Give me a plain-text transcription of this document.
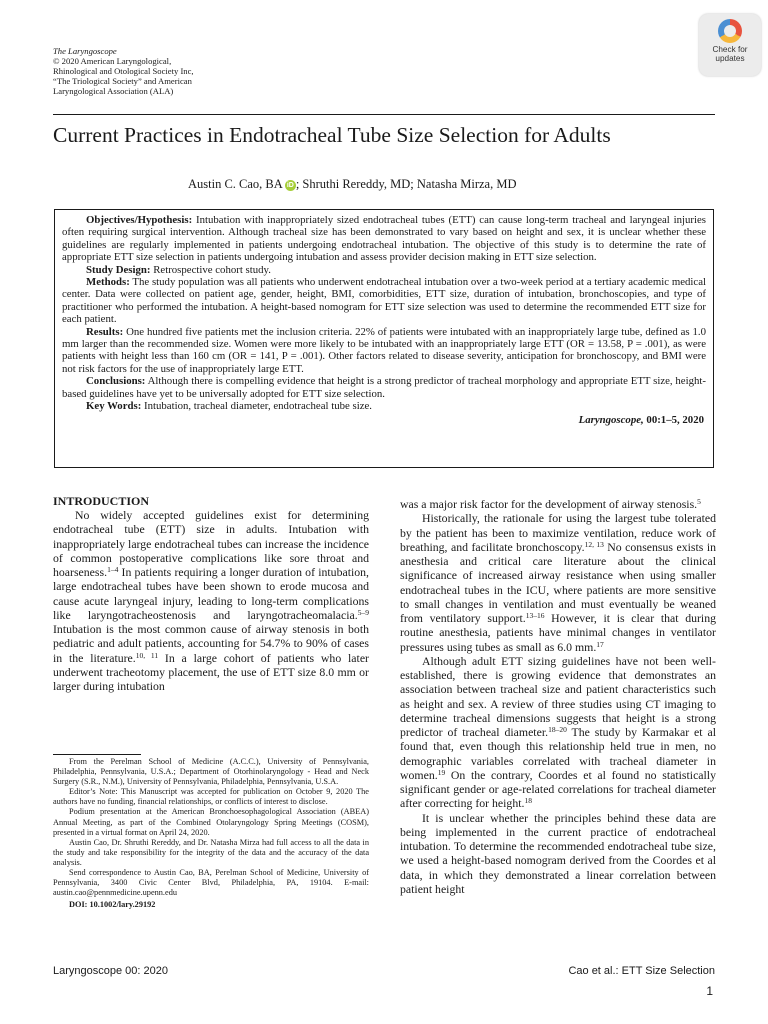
The Laryngoscope
© 2020 American Laryngological,
Rhinological and Otological Society Inc,
“The Triological Society” and American
Laryngological Association (ALA)
Check for
updates
Current Practices in Endotracheal Tube Size Selection for Adults
Austin C. Cao, BA iD ; Shruthi Rereddy, MD; Natasha Mirza, MD

Objectives/Hypothesis: Intubation with inappropriately sized endotracheal tubes (ETT) can cause long-term tracheal and laryngeal injuries often requiring surgical intervention. Although tracheal size has been demonstrated to vary based on height and sex, it is unclear whether these guidelines are regularly implemented in patients undergoing endotracheal intubation. The objective of this study is to determine the rate of appropriate ETT size selection in patients undergoing intubation and assess provider decision making in ETT size selection.

Study Design: Retrospective cohort study.

Methods: The study population was all patients who underwent endotracheal intubation over a two-week period at a tertiary academic medical center. Data were collected on patient age, gender, height, BMI, comorbidities, ETT size, duration of intubation, bronchoscopies, and type of practitioner who performed the intubation. A height-based nomogram for ETT size selection was used to determine the recommended ETT size for each patient.

Results: One hundred five patients met the inclusion criteria. 22% of patients were intubated with an inappropriately large tube, defined as 1.0 mm larger than the recommended size. Women were more likely to be intubated with an inappropriately large ETT (OR = 13.58, P = .001), as were patients with height less than 160 cm (OR = 141, P = .001). Other factors related to disease severity, anticipation for bronchoscopy, and BMI were not risk factors for the use of inappropriately large ETT.

Conclusions: Although there is compelling evidence that height is a strong predictor of tracheal morphology and appropriate ETT size, height-based guidelines have yet to be universally adopted for ETT size selection.

Key Words: Intubation, tracheal diameter, endotracheal tube size.

Laryngoscope, 00:1–5, 2020
INTRODUCTION

No widely accepted guidelines exist for determining endotracheal tube (ETT) size in adults. Intubation with inappropriately large endotracheal tubes can increase the incidence of common postoperative complications like sore throat and hoarseness.$^{1-4}$ In patients requiring a longer duration of intubation, large endotracheal tubes have been shown to erode mucosa and cause acute laryngeal injury, leading to long-term complications like laryngotracheostenosis and laryngotracheomalacia.$^{5-9}$ Intubation is the most common cause of airway stenosis in both pediatric and adult patients, accounting for 54.7% to 90% of cases in the literature.$^{10, 11}$ In a large cohort of patients who later underwent tracheotomy placement, the use of ETT size 8.0 mm or larger during intubation

From the Perelman School of Medicine (A.C.C.), University of Pennsylvania, Philadelphia, Pennsylvania, U.S.A.; Department of Otorhinolaryngology - Head and Neck Surgery (S.R., N.M.), University of Pennsylvania, Philadelphia, Pennsylvania, U.S.A.

Editor’s Note: This Manuscript was accepted for publication on October 9, 2020 The authors have no funding, financial relationships, or conflicts of interest to disclose.

Podium presentation at the American Bronchoesophagological Association (ABEA) Annual Meeting, as part of the Combined Otolaryngology Spring Meetings (COSM), presented in a virtual format on April 24, 2020.

Austin Cao, Dr. Shruthi Rereddy, and Dr. Natasha Mirza had full access to all the data in the study and take responsibility for the integrity of the data and the accuracy of the data analysis.

Send correspondence to Austin Cao, BA, Perelman School of Medicine, University of Pennsylvania, 3400 Civic Center Blvd, Philadelphia, PA, 19104. E-mail: austin.cao@pennmedicine.upenn.edu

DOI: 10.1002/lary.29192

was a major risk factor for the development of airway stenosis.$^5$

Historically, the rationale for using the largest tube tolerated by the patient has been to maximize ventilation, reduce work of breathing, and facilitate bronchoscopy.$^{12, 13}$ No consensus exists in anesthesia and critical care literature about the clinical significance of increased airway resistance when using smaller endotracheal tubes in the ICU, where patients are more sensitive to small changes in ventilation and must eventually be weaned from ventilatory support.$^{13-16}$ However, it is clear that during routine anesthesia, patients have minimal changes in ventilator pressures using tubes as small as 6.0 mm.$^{17}$

Although adult ETT sizing guidelines have not been well-established, there is growing evidence that demonstrates an association between tracheal size and patient characteristics such as height and sex. A review of three studies using CT imaging to determine tracheal dimensions suggests that height is a strong predictor of tracheal diameter.$^{18-20}$ The study by Karmakar et al found that, even though this relationship held true in men, no demographic variables correlated with tracheal diameter in women.$^{19}$ On the contrary, Coordes et al found no statistically significant gender or age-related correlations for tracheal diameter after correcting for height.$^{18}$

It is unclear whether the principles behind these data are being implemented in the current practice of endotracheal intubation. To determine the recommended endotracheal tube size, we used a height-based nomogram derived from the Coordes et al data, in which they demonstrated a linear correlation between patient height

Laryngoscope 00: 2020	Cao et al.: ETT Size Selection
1
